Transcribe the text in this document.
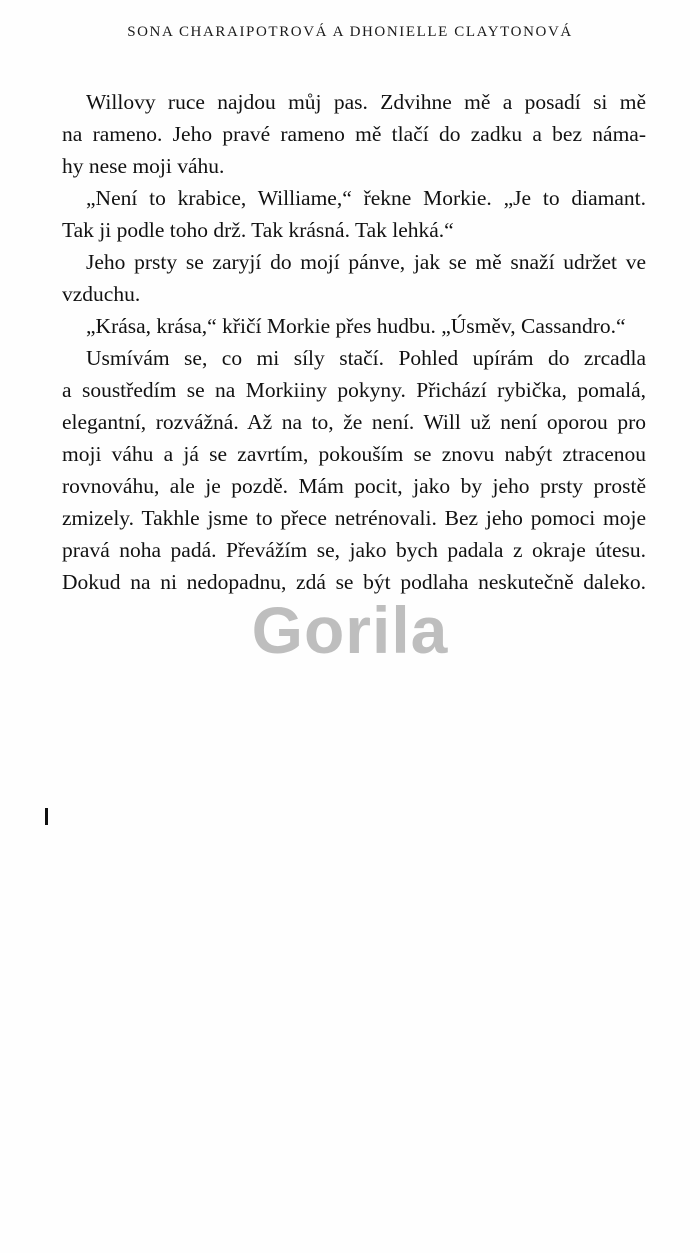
SONA CHARAIPOTROVÁ A DHONIELLE CLAYTONOVÁ
Willovy ruce najdou můj pas. Zdvihne mě a posadí si mě
na rameno. Jeho pravé rameno mě tlačí do zadku a bez náma-
hy nese moji váhu.
„Není to krabice, Williame,“ řekne Morkie. „Je to diamant.
Tak ji podle toho drž. Tak krásná. Tak lehká.“
Jeho prsty se zaryjí do mojí pánve, jak se mě snaží udržet ve
vzduchu.
„Krása, krása,“ křičí Morkie přes hudbu. „Úsměv, Cassandro.“
Usmívám se, co mi síly stačí. Pohled upírám do zrcadla
a soustředím se na Morkiiny pokyny. Přichází rybička, pomalá,
elegantní, rozvážná. Až na to, že není. Will už není oporou pro
moji váhu a já se zavrtím, pokouším se znovu nabýt ztracenou
rovnováhu, ale je pozdě. Mám pocit, jako by jeho prsty prostě
zmizely. Takhle jsme to přece netrénovali. Bez jeho pomoci moje
pravá noha padá. Převážím se, jako bych padala z okraje útesu.
Dokud na ni nedopadnu, zdá se být podlaha neskutečně daleko.
Gorila
